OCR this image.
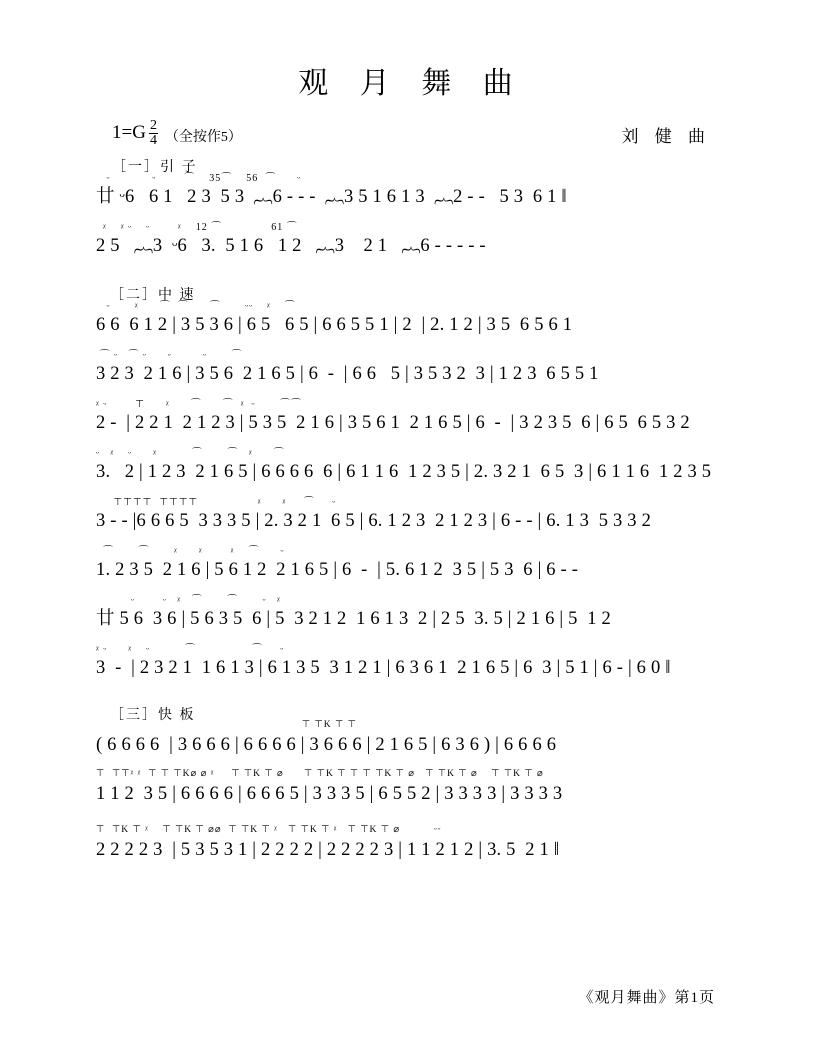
观 月 舞 曲
$1=G \frac{2}{4}$ （全按作5）	刘 健 曲
［一］引 子

ᵕ            ᵕ        ⌒    35⌒    56  ⌒      ᵕ

廿 ᵕ6   6 1   2 3  5 3  ︷6 - - -  ︷3 5 1 6 1 3  ︷2 - -   5 3  6 1 ‖

ᵡ    ᵡ ᵕ    ᵕ        ᵡ    12 ⌒              61 ⌒

2 5   ︷3  ᵕ6   3.  5 1 6   1 2   ︷3    2 1   ︷6 - - - - -

［二］中 速

ᵕ       ᵡ      ⌒  ⌒      ⌒       ᵕᵕ    ᵡ    ⌒

6 6  6 1 2 | 3 5 3 6 | 6 5   6 5 | 6 6 5 5 1 | 2  | 2. 1 2 | 3 5  6 5 6 1

⌒ ᵕ   ⌒ ᵕ      ᵕ         ᵕ       ⌒

3 2 3  2 1 6 | 3 5 6  2 1 6 5 | 6  -  | 6 6   5 | 3 5 3 2  3 | 1 2 3  6 5 5 1

ᵡ ᵕ        ⊤      ᵡ      ⌒      ⌒  ᵡ  ᵕ       ⌒⌒

2 -  | 2 2 1  2 1 2 3 | 5 3 5  2 1 6 | 3 5 6 1  2 1 6 5 | 6  -  | 3 2 3 5  6 | 6 5  6 5 3 2

ᵕ   ᵡ    ᵕ      ᵡ          ⌒       ⌒   ᵡ      ⌒

3.   2 | 1 2 3  2 1 6 5 | 6 6 6 6  6 | 6 1 1 6  1 2 3 5 | 2. 3 2 1  6 5  3 | 6 1 1 6  1 2 3 5

⊤⊤⊤⊤  ⊤⊤⊤⊤                 ᵡ      ᵡ     ⌒     ᵕ

3 - - |6 6 6 5  3 3 3 5 | 2. 3 2 1  6 5 | 6. 1 2 3  2 1 2 3 | 6 - - | 6. 1 3  5 3 3 2

⌒       ⌒       ᵡ      ᵡ        ᵡ    ⌒      ᵕ

1. 2 3 5  2 1 6 | 5 6 1 2  2 1 6 5 | 6  -  | 5. 6 1 2  3 5 | 5 3  6 | 6 - -

ᵕ        ᵕ   ᵡ   ⌒       ⌒       ᵕ   ᵡ

廿 5 6  3 6 | 5 6 3 5  6 | 5  3 2 1 2  1 6 1 3  2 | 2 5  3. 5 | 2 1 6 | 5  1 2

ᵡ ᵕ      ᵡ    ᵕ          ⌒                ⌒     ᵕ

3  -  | 2 3 2 1  1 6 1 3 | 6 1 3 5  3 1 2 1 | 6 3 6 1  2 1 6 5 | 6  3 | 5 1 | 6 - | 6 0 ‖

［三］快 板

⊤ ⊤K ⊤ ⊤

( 6 6 6 6  | 3 6 6 6 | 6 6 6 6 | 3 6 6 6 | 2 1 6 5 | 6 3 6 ) | 6 6 6 6

⊤  ⊤⊤ᵡ ᵡ  ⊤ ⊤ ⊤K⌀ ⌀ ᵡ     ⊤ ⊤K ⊤ ⌀      ⊤ ⊤K ⊤ ⊤ ⊤ ⊤K ⊤ ⌀   ⊤ ⊤K ⊤ ⌀    ⊤ ⊤K ⊤ ⌀

1 1 2  3 5 | 6 6 6 6 | 6 6 6 5 | 3 3 3 5 | 6 5 5 2 | 3 3 3 3 | 3 3 3 3

⊤  ⊤K ⊤ ᵡ    ⊤ ⊤K ⊤ ⌀⌀  ⊤ ⊤K ⊤ ᵡ   ⊤ ⊤K ⊤ ᵡ   ⊤ ⊤K ⊤ ⌀          ᵕᵕ

2 2 2 2 3  | 5 3 5 3 1 | 2 2 2 2 | 2 2 2 2 3 | 1 1 2 1 2 | 3. 5  2 1 ‖

《观月舞曲》第1页
